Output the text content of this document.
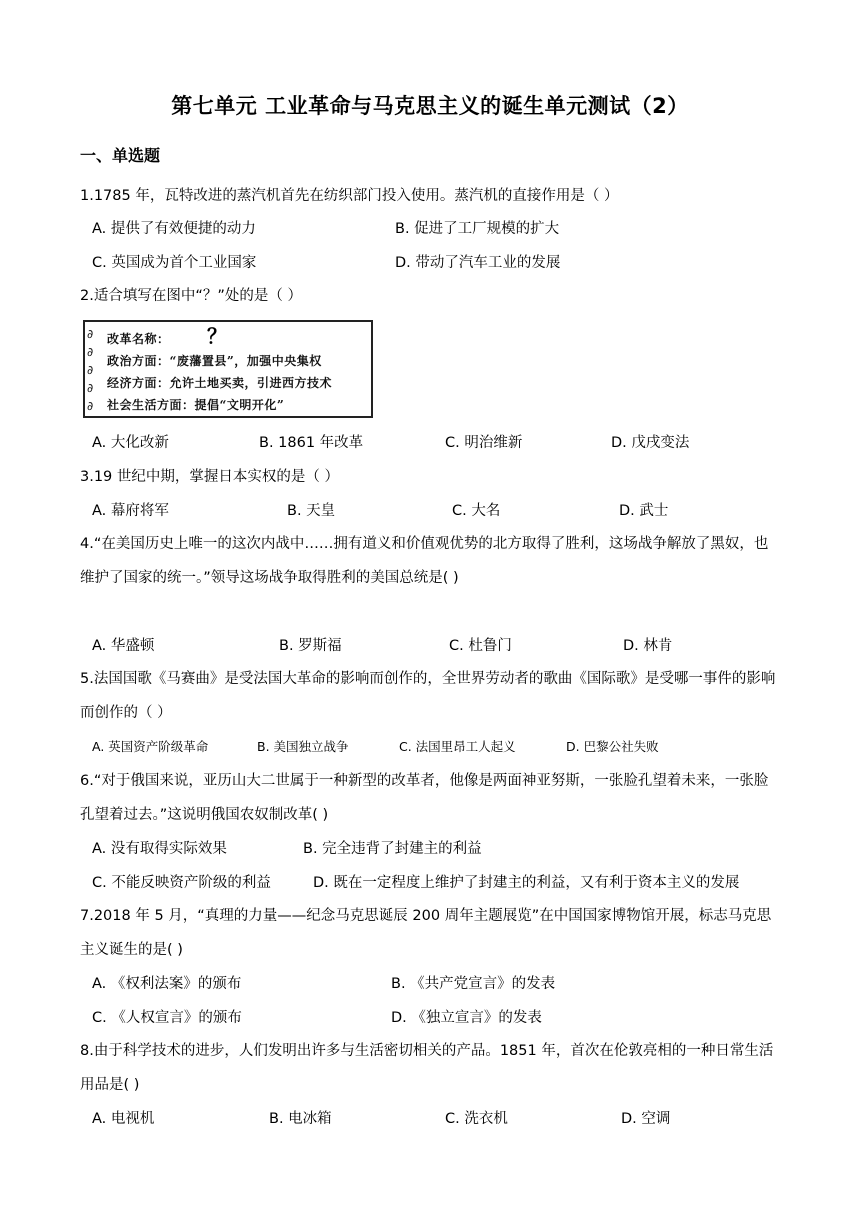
第七单元 工业革命与马克思主义的诞生单元测试（2）
一、单选题
1.1785 年，瓦特改进的蒸汽机首先在纺织部门投入使用。蒸汽机的直接作用是（ ）
A. 提供了有效便捷的动力	B. 促进了工厂规模的扩大
C. 英国成为首个工业国家	D. 带动了汽车工业的发展
2.适合填写在图中“？”处的是（ ）
∂
∂
∂
∂
∂
改革名称： ？
政治方面：“废藩置县”，加强中央集权
经济方面：允许土地买卖，引进西方技术
社会生活方面：提倡“文明开化”
A. 大化改新	B. 1861 年改革	C. 明治维新	D. 戊戌变法
3.19 世纪中期，掌握日本实权的是（ ）
A. 幕府将军	B. 天皇	C. 大名	D. 武士
4.“在美国历史上唯一的这次内战中……拥有道义和价值观优势的北方取得了胜利，这场战争解放了黑奴，也维护了国家的统一。”领导这场战争取得胜利的美国总统是( )
A. 华盛顿	B. 罗斯福	C. 杜鲁门	D. 林肯
5.法国国歌《马赛曲》是受法国大革命的影响而创作的，全世界劳动者的歌曲《国际歌》是受哪一事件的影响而创作的（ ）
A. 英国资产阶级革命	B. 美国独立战争	C. 法国里昂工人起义	D. 巴黎公社失败
6.“对于俄国来说，亚历山大二世属于一种新型的改革者，他像是两面神亚努斯，一张脸孔望着未来，一张脸孔望着过去。”这说明俄国农奴制改革( )
A. 没有取得实际效果	B. 完全违背了封建主的利益
C. 不能反映资产阶级的利益	D. 既在一定程度上维护了封建主的利益，又有利于资本主义的发展
7.2018 年 5 月，“真理的力量——纪念马克思诞辰 200 周年主题展览”在中国国家博物馆开展，标志马克思主义诞生的是( )
A. 《权利法案》的颁布	B. 《共产党宣言》的发表
C. 《人权宣言》的颁布	D. 《独立宣言》的发表
8.由于科学技术的进步，人们发明出许多与生活密切相关的产品。1851 年，首次在伦敦亮相的一种日常生活用品是( )
A. 电视机	B. 电冰箱	C. 洗衣机	D. 空调
